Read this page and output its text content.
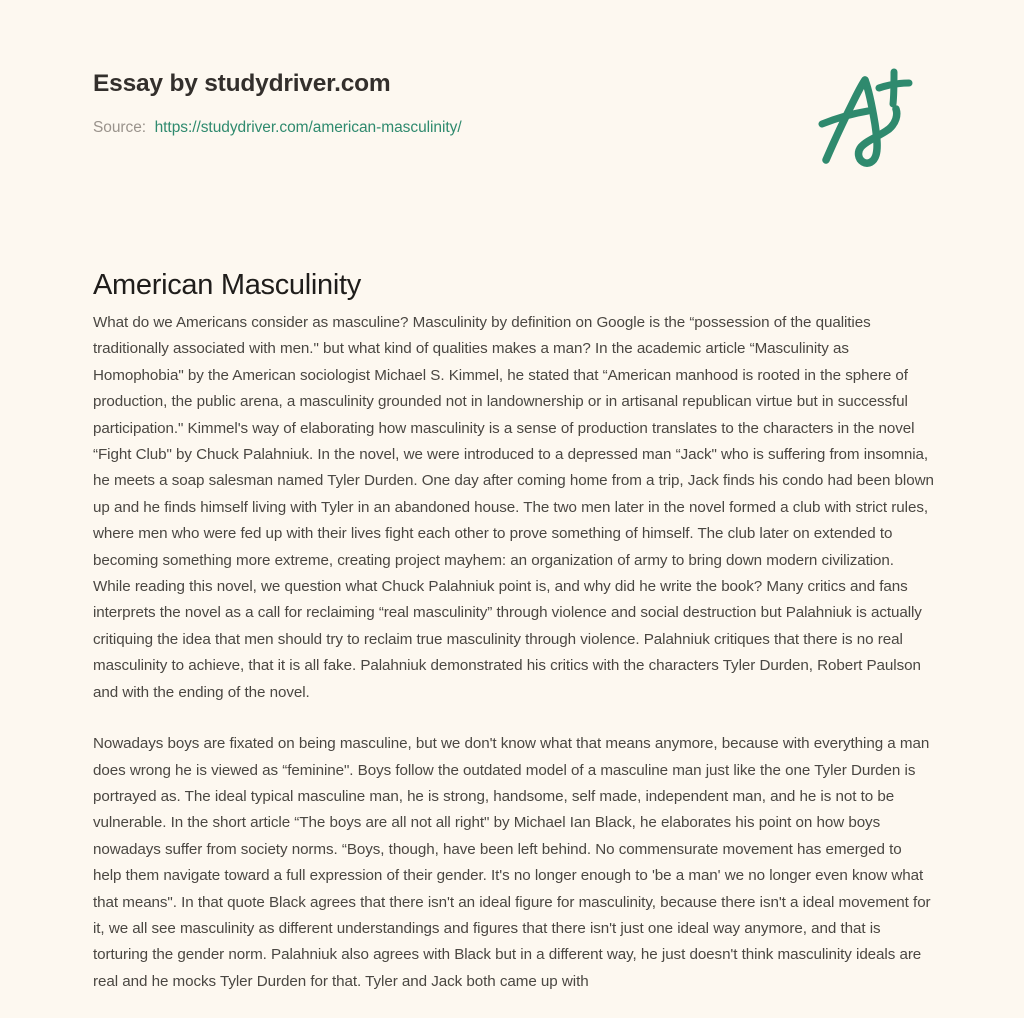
Essay by studydriver.com
Source: https://studydriver.com/american-masculinity/
American Masculinity

What do we Americans consider as masculine? Masculinity by definition on Google is the “possession of the qualities traditionally associated with men." but what kind of qualities makes a man? In the academic article “Masculinity as Homophobia" by the American sociologist Michael S. Kimmel, he stated that “American manhood is rooted in the sphere of production, the public arena, a masculinity grounded not in landownership or in artisanal republican virtue but in successful participation." Kimmel's way of elaborating how masculinity is a sense of production translates to the characters in the novel “Fight Club" by Chuck Palahniuk. In the novel, we were introduced to a depressed man “Jack" who is suffering from insomnia, he meets a soap salesman named Tyler Durden. One day after coming home from a trip, Jack finds his condo had been blown up and he finds himself living with Tyler in an abandoned house. The two men later in the novel formed a club with strict rules, where men who were fed up with their lives fight each other to prove something of himself. The club later on extended to becoming something more extreme, creating project mayhem: an organization of army to bring down modern civilization. While reading this novel, we question what Chuck Palahniuk point is, and why did he write the book? Many critics and fans interprets the novel as a call for reclaiming “real masculinity” through violence and social destruction but Palahniuk is actually critiquing the idea that men should try to reclaim true masculinity through violence. Palahniuk critiques that there is no real masculinity to achieve, that it is all fake. Palahniuk demonstrated his critics with the characters Tyler Durden, Robert Paulson and with the ending of the novel.

Nowadays boys are fixated on being masculine, but we don't know what that means anymore, because with everything a man does wrong he is viewed as “feminine". Boys follow the outdated model of a masculine man just like the one Tyler Durden is portrayed as. The ideal typical masculine man, he is strong, handsome, self made, independent man, and he is not to be vulnerable. In the short article “The boys are all not all right" by Michael Ian Black, he elaborates his point on how boys nowadays suffer from society norms. “Boys, though, have been left behind. No commensurate movement has emerged to help them navigate toward a full expression of their gender. It's no longer enough to 'be a man' we no longer even know what that means". In that quote Black agrees that there isn't an ideal figure for masculinity, because there isn't a ideal movement for it, we all see masculinity as different understandings and figures that there isn't just one ideal way anymore, and that is torturing the gender norm. Palahniuk also agrees with Black but in a different way, he just doesn't think masculinity ideals are real and he mocks Tyler Durden for that. Tyler and Jack both came up with
